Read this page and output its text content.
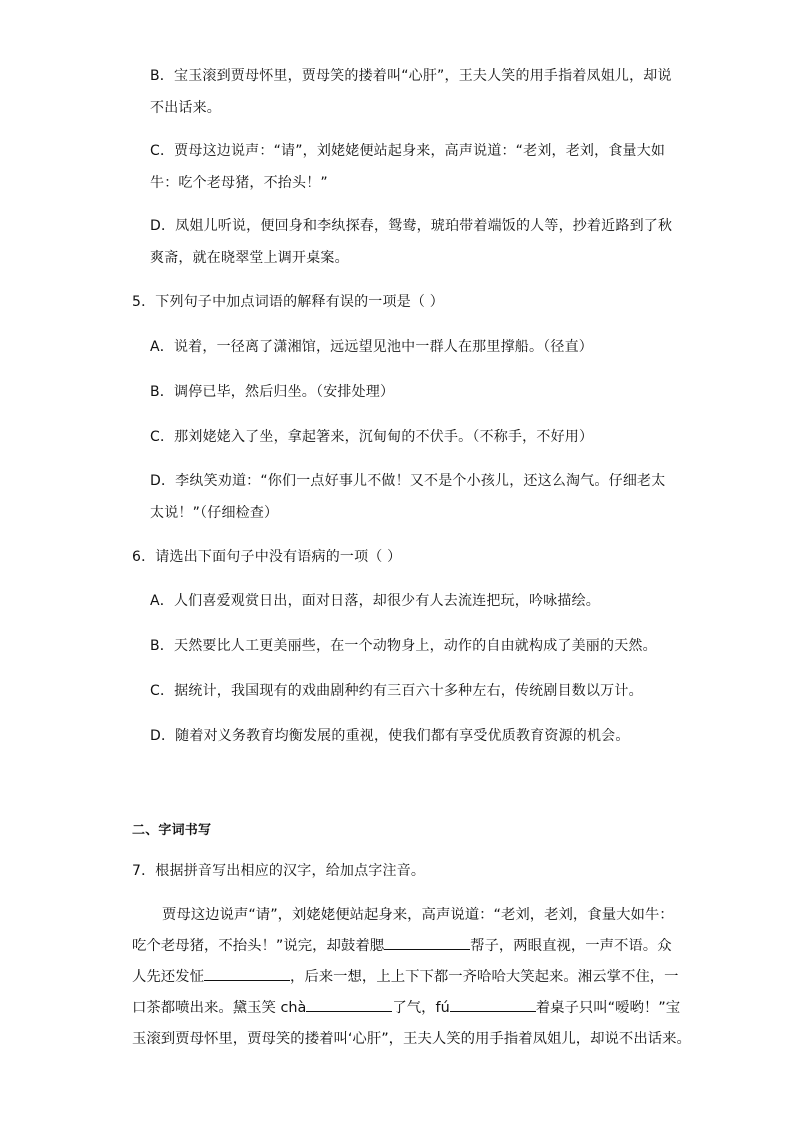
B．宝玉滚到贾母怀里，贾母笑的搂着叫“心肝”，王夫人笑的用手指着凤姐儿，却说
不出话来。
C．贾母这边说声：“请”，刘姥姥便站起身来，高声说道：“老刘，老刘，食量大如
牛：吃个老母猪，不抬头！”
D．凤姐儿听说，便回身和李纨探春，鸳鸯，琥珀带着端饭的人等，抄着近路到了秋
爽斋，就在晓翠堂上调开桌案。
5．下列句子中加点词语的解释有误的一项是（ ）
A．说着，一径离了潇湘馆，远远望见池中一群人在那里撑船。（径直）
B．调停已毕，然后归坐。（安排处理）
C．那刘姥姥入了坐，拿起箸来，沉甸甸的不伏手。（不称手，不好用）
D．李纨笑劝道：“你们一点好事儿不做！又不是个小孩儿，还这么淘气。仔细老太
太说！”（仔细检查）
6．请选出下面句子中没有语病的一项（ ）
A．人们喜爱观赏日出，面对日落，却很少有人去流连把玩，吟咏描绘。
B．天然要比人工更美丽些，在一个动物身上，动作的自由就构成了美丽的天然。
C．据统计，我国现有的戏曲剧种约有三百六十多种左右，传统剧目数以万计。
D．随着对义务教育均衡发展的重视，使我们都有享受优质教育资源的机会。
二、字词书写
7．根据拼音写出相应的汉字，给加点字注音。
贾母这边说声“请”，刘姥姥便站起身来，高声说道：“老刘，老刘，食量大如牛：
吃个老母猪，不抬头！”说完，却鼓着腮	帮子，两眼直视，一声不语。众
人先还发怔	，后来一想，上上下下都一齐哈哈大笑起来。湘云掌不住，一
口茶都喷出来。黛玉笑 chà	了气，fú	着桌子只叫“嗳哟！”宝
玉滚到贾母怀里，贾母笑的搂着叫‘心肝”，王夫人笑的用手指着凤姐儿，却说不出话来。
